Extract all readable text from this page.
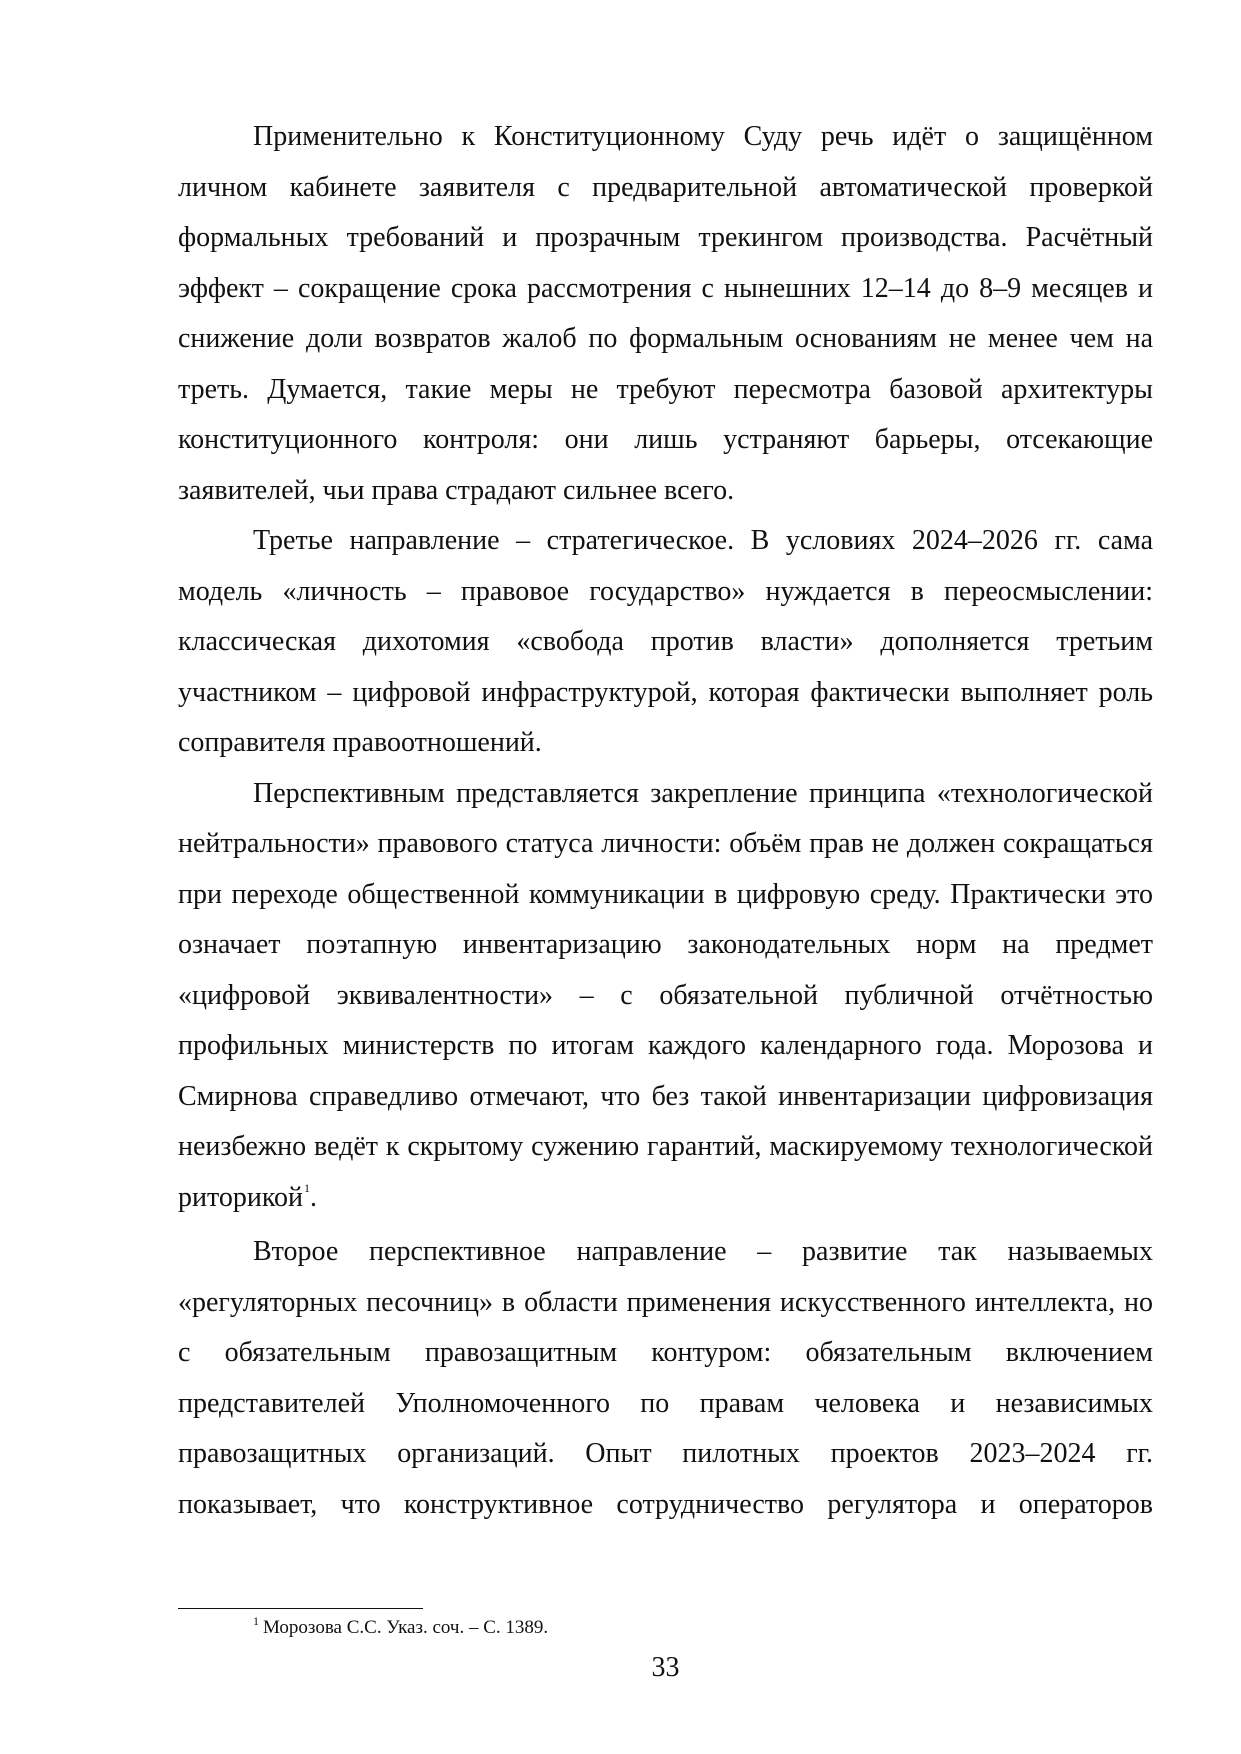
Применительно к Конституционному Суду речь идёт о защищённом личном кабинете заявителя с предварительной автоматической проверкой формальных требований и прозрачным трекингом производства. Расчётный эффект – сокращение срока рассмотрения с нынешних 12–14 до 8–9 месяцев и снижение доли возвратов жалоб по формальным основаниям не менее чем на треть. Думается, такие меры не требуют пересмотра базовой архитектуры конституционного контроля: они лишь устраняют барьеры, отсекающие заявителей, чьи права страдают сильнее всего.

Третье направление – стратегическое. В условиях 2024–2026 гг. сама модель «личность – правовое государство» нуждается в переосмыслении: классическая дихотомия «свобода против власти» дополняется третьим участником – цифровой инфраструктурой, которая фактически выполняет роль соправителя правоотношений.

Перспективным представляется закрепление принципа «технологической нейтральности» правового статуса личности: объём прав не должен сокращаться при переходе общественной коммуникации в цифровую среду. Практически это означает поэтапную инвентаризацию законодательных норм на предмет «цифровой эквивалентности» – с обязательной публичной отчётностью профильных министерств по итогам каждого календарного года. Морозова и Смирнова справедливо отмечают, что без такой инвентаризации цифровизация неизбежно ведёт к скрытому сужению гарантий, маскируемому технологической риторикой$^1$.

Второе перспективное направление – развитие так называемых «регуляторных песочниц» в области применения искусственного интеллекта, но с обязательным правозащитным контуром: обязательным включением представителей Уполномоченного по правам человека и независимых правозащитных организаций. Опыт пилотных проектов 2023–2024 гг. показывает, что конструктивное сотрудничество регулятора и операторов

$^1$ Морозова С.С. Указ. соч. – С. 1389.
33
